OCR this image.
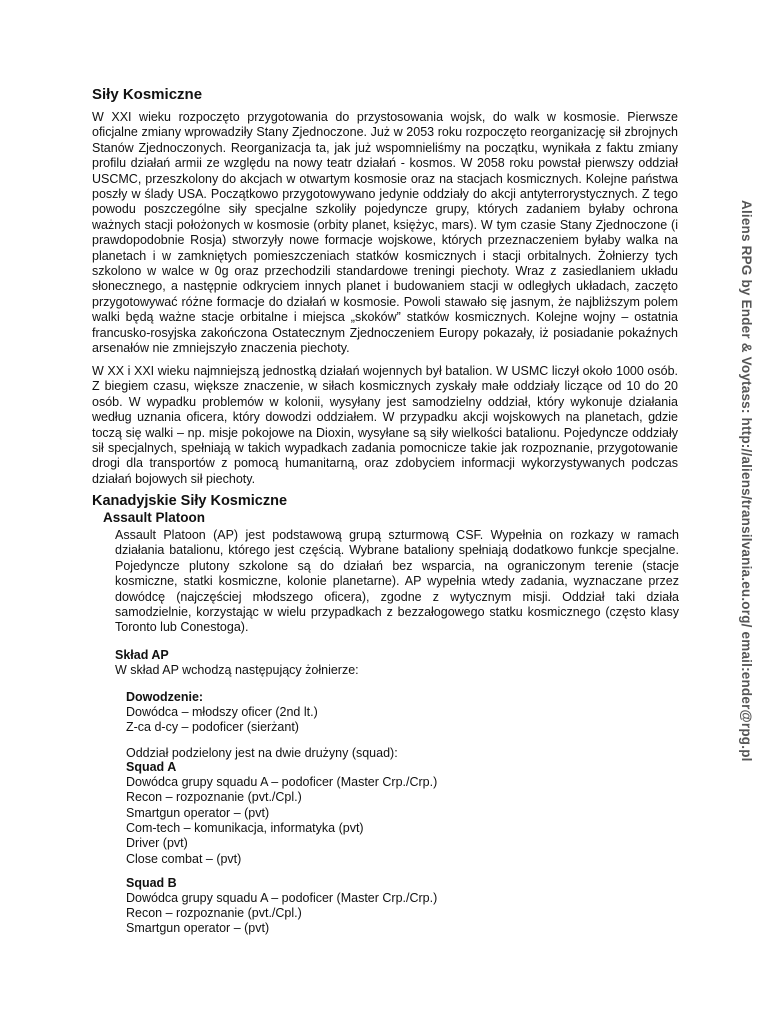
Siły Kosmiczne

W XXI wieku rozpoczęto przygotowania do przystosowania wojsk, do walk w kosmosie. Pierwsze oficjalne zmiany wprowadziły Stany Zjednoczone. Już w 2053 roku rozpoczęto reorganizację sił zbrojnych Stanów Zjednoczonych. Reorganizacja ta, jak już wspomnieliśmy na początku, wynikała z faktu zmiany profilu działań armii ze względu na nowy teatr działań - kosmos. W 2058 roku powstał pierwszy oddział USCMC, przeszkolony do akcjach w otwartym kosmosie oraz na stacjach kosmicznych. Kolejne państwa poszły w ślady USA. Początkowo przygotowywano jedynie oddziały do akcji antyterrorystycznych. Z tego powodu poszczególne siły specjalne szkoliły pojedyncze grupy, których zadaniem byłaby ochrona ważnych stacji położonych w kosmosie (orbity planet, księżyc, mars). W tym czasie Stany Zjednoczone (i prawdopodobnie Rosja) stworzyły nowe formacje wojskowe, których przeznaczeniem byłaby walka na planetach i w zamkniętych pomieszczeniach statków kosmicznych i stacji orbitalnych. Żołnierzy tych szkolono w walce w 0g oraz przechodzili standardowe treningi piechoty. Wraz z zasiedlaniem układu słonecznego, a następnie odkryciem innych planet i budowaniem stacji w odległych układach, zaczęto przygotowywać różne formacje do działań w kosmosie. Powoli stawało się jasnym, że najbliższym polem walki będą ważne stacje orbitalne i miejsca „skoków” statków kosmicznych. Kolejne wojny – ostatnia francusko-rosyjska zakończona Ostatecznym Zjednoczeniem Europy pokazały, iż posiadanie pokaźnych arsenałów nie zmniejszyło znaczenia piechoty.

W XX i XXI wieku najmniejszą jednostką działań wojennych był batalion. W USMC liczył około 1000 osób. Z biegiem czasu, większe znaczenie, w siłach kosmicznych zyskały małe oddziały liczące od 10 do 20 osób. W wypadku problemów w kolonii, wysyłany jest samodzielny oddział, który wykonuje działania według uznania oficera, który dowodzi oddziałem. W przypadku akcji wojskowych na planetach, gdzie toczą się walki – np. misje pokojowe na Dioxin, wysyłane są siły wielkości batalionu. Pojedyncze oddziały sił specjalnych, spełniają w takich wypadkach zadania pomocnicze takie jak rozpoznanie, przygotowanie drogi dla transportów z pomocą humanitarną, oraz zdobyciem informacji wykorzystywanych podczas działań bojowych sił piechoty.

Kanadyjskie Siły Kosmiczne
Assault Platoon

Assault Platoon (AP) jest podstawową grupą szturmową CSF. Wypełnia on rozkazy w ramach działania batalionu, którego jest częścią. Wybrane bataliony spełniają dodatkowo funkcje specjalne. Pojedyncze plutony szkolone są do działań bez wsparcia, na ograniczonym terenie (stacje kosmiczne, statki kosmiczne, kolonie planetarne). AP wypełnia wtedy zadania, wyznaczane przez dowódcę (najczęściej młodszego oficera), zgodne z wytycznym misji. Oddział taki działa samodzielnie, korzystając w wielu przypadkach z bezzałogowego statku kosmicznego (często klasy Toronto lub Conestoga).

Skład AP

W skład AP wchodzą następujący żołnierze:

Dowodzenie:

Dowódca – młodszy oficer (2nd lt.)

Z-ca d-cy – podoficer (sierżant)

Oddział podzielony jest na dwie drużyny (squad):

Squad A

Dowódca grupy squadu A – podoficer (Master Crp./Crp.)

Recon – rozpoznanie (pvt./Cpl.)

Smartgun operator – (pvt)

Com-tech – komunikacja, informatyka (pvt)

Driver (pvt)

Close combat – (pvt)

Squad B

Dowódca grupy squadu A – podoficer (Master Crp./Crp.)

Recon – rozpoznanie (pvt./Cpl.)

Smartgun operator – (pvt)

Aliens RPG by Ender & Voytass: http://aliens/transilvania.eu.org/ email:ender@rpg.pl
